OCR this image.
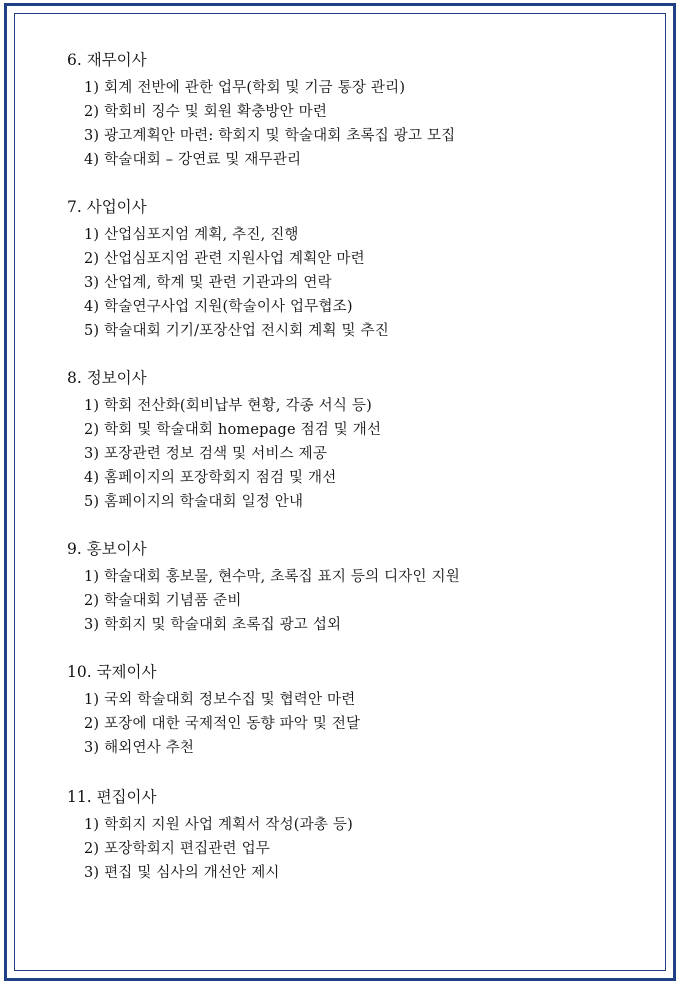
6. 재무이사
1) 회계 전반에 관한 업무(학회 및 기금 통장 관리)
2) 학회비 징수 및 회원 확충방안 마련
3) 광고계획안 마련: 학회지 및 학술대회 초록집 광고 모집
4) 학술대회 – 강연료 및 재무관리
7. 사업이사
1) 산업심포지엄 계획, 추진, 진행
2) 산업심포지엄 관련 지원사업 계획안 마련
3) 산업계, 학계 및 관련 기관과의 연락
4) 학술연구사업 지원(학술이사 업무협조)
5) 학술대회 기기/포장산업 전시회 계획 및 추진
8. 정보이사
1) 학회 전산화(회비납부 현황, 각종 서식 등)
2) 학회 및 학술대회 homepage 점검 및 개선
3) 포장관련 정보 검색 및 서비스 제공
4) 홈페이지의 포장학회지 점검 및 개선
5) 홈페이지의 학술대회 일정 안내
9. 홍보이사
1) 학술대회 홍보물, 현수막, 초록집 표지 등의 디자인 지원
2) 학술대회 기념품 준비
3) 학회지 및 학술대회 초록집 광고 섭외
10. 국제이사
1) 국외 학술대회 정보수집 및 협력안 마련
2) 포장에 대한 국제적인 동향 파악 및 전달
3) 해외연사 추천
11. 편집이사
1) 학회지 지원 사업 계획서 작성(과총 등)
2) 포장학회지 편집관련 업무
3) 편집 및 심사의 개선안 제시
